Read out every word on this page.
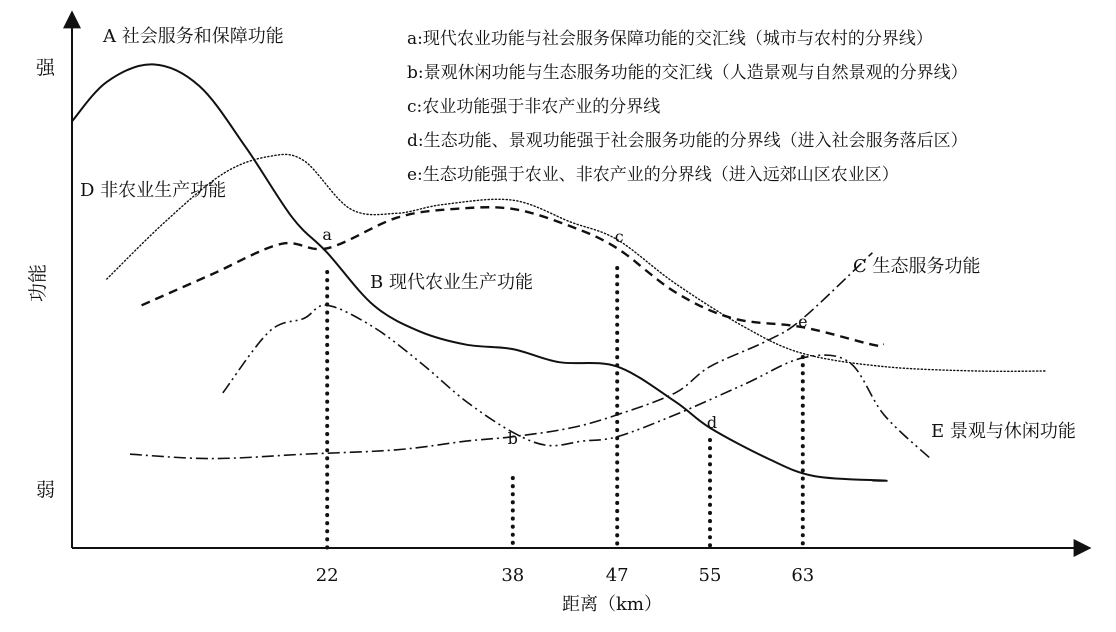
强
弱
功能
22	38	47	55	63
距离（km）
a
b
c
d
e
A 社会服务和保障功能
B 现代农业生产功能
C 生态服务功能
D 非农业生产功能
E 景观与休闲功能
a:现代农业功能与社会服务保障功能的交汇线（城市与农村的分界线）
b:景观休闲功能与生态服务功能的交汇线（人造景观与自然景观的分界线）
c:农业功能强于非农产业的分界线
d:生态功能、景观功能强于社会服务功能的分界线（进入社会服务落后区）
e:生态功能强于农业、非农产业的分界线（进入远郊山区农业区）
